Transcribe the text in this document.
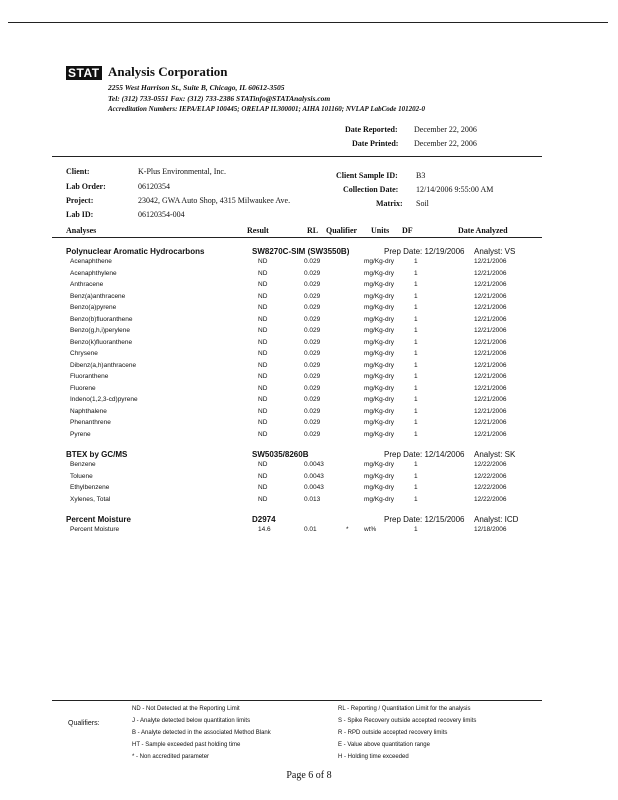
STAT Analysis Corporation
2255 West Harrison St., Suite B, Chicago, IL 60612-3505
Tel: (312) 733-0551 Fax: (312) 733-2386 STATinfo@STATAnalysis.com
Accreditation Numbers: IEPA/ELAP 100445; ORELAP IL300001; AIHA 101160; NVLAP LabCode 101202-0
Date Reported: December 22, 2006
Date Printed: December 22, 2006
Client:	K-Plus Environmental, Inc.
Lab Order:	06120354
Project:	23042, GWA Auto Shop, 4315 Milwaukee Ave.
Lab ID:	06120354-004
Client Sample ID: B3
Collection Date: 12/14/2006 9:55:00 AM
Matrix: Soil
Analyses	Result	RL Qualifier Units DF	Date Analyzed
Polynuclear Aromatic Hydrocarbons	SW8270C-SIM (SW3550B)	Prep Date: 12/19/2006 Analyst: VS
Acenaphthene	ND	0.029	mg/Kg-dry	1	12/21/2006
Acenaphthylene	ND	0.029	mg/Kg-dry	1	12/21/2006
Anthracene	ND	0.029	mg/Kg-dry	1	12/21/2006
Benz(a)anthracene	ND	0.029	mg/Kg-dry	1	12/21/2006
Benzo(a)pyrene	ND	0.029	mg/Kg-dry	1	12/21/2006
Benzo(b)fluoranthene	ND	0.029	mg/Kg-dry	1	12/21/2006
Benzo(g,h,i)perylene	ND	0.029	mg/Kg-dry	1	12/21/2006
Benzo(k)fluoranthene	ND	0.029	mg/Kg-dry	1	12/21/2006
Chrysene	ND	0.029	mg/Kg-dry	1	12/21/2006
Dibenz(a,h)anthracene	ND	0.029	mg/Kg-dry	1	12/21/2006
Fluoranthene	ND	0.029	mg/Kg-dry	1	12/21/2006
Fluorene	ND	0.029	mg/Kg-dry	1	12/21/2006
Indeno(1,2,3-cd)pyrene	ND	0.029	mg/Kg-dry	1	12/21/2006
Naphthalene	ND	0.029	mg/Kg-dry	1	12/21/2006
Phenanthrene	ND	0.029	mg/Kg-dry	1	12/21/2006
Pyrene	ND	0.029	mg/Kg-dry	1	12/21/2006
BTEX by GC/MS	SW5035/8260B	Prep Date: 12/14/2006 Analyst: SK
Benzene	ND	0.0043	mg/Kg-dry	1	12/22/2006
Toluene	ND	0.0043	mg/Kg-dry	1	12/22/2006
Ethylbenzene	ND	0.0043	mg/Kg-dry	1	12/22/2006
Xylenes, Total	ND	0.013	mg/Kg-dry	1	12/22/2006
Percent Moisture	D2974	Prep Date: 12/15/2006 Analyst: ICD
Percent Moisture	14.6	0.01	* wt%	1	12/18/2006
Qualifiers:
ND - Not Detected at the Reporting Limit
J - Analyte detected below quantitation limits
B - Analyte detected in the associated Method Blank
HT - Sample exceeded past holding time
* - Non accredited parameter
RL - Reporting / Quantitation Limit for the analysis
S - Spike Recovery outside accepted recovery limits
R - RPD outside accepted recovery limits
E - Value above quantitation range
H - Holding time exceeded
Page 6 of 8
